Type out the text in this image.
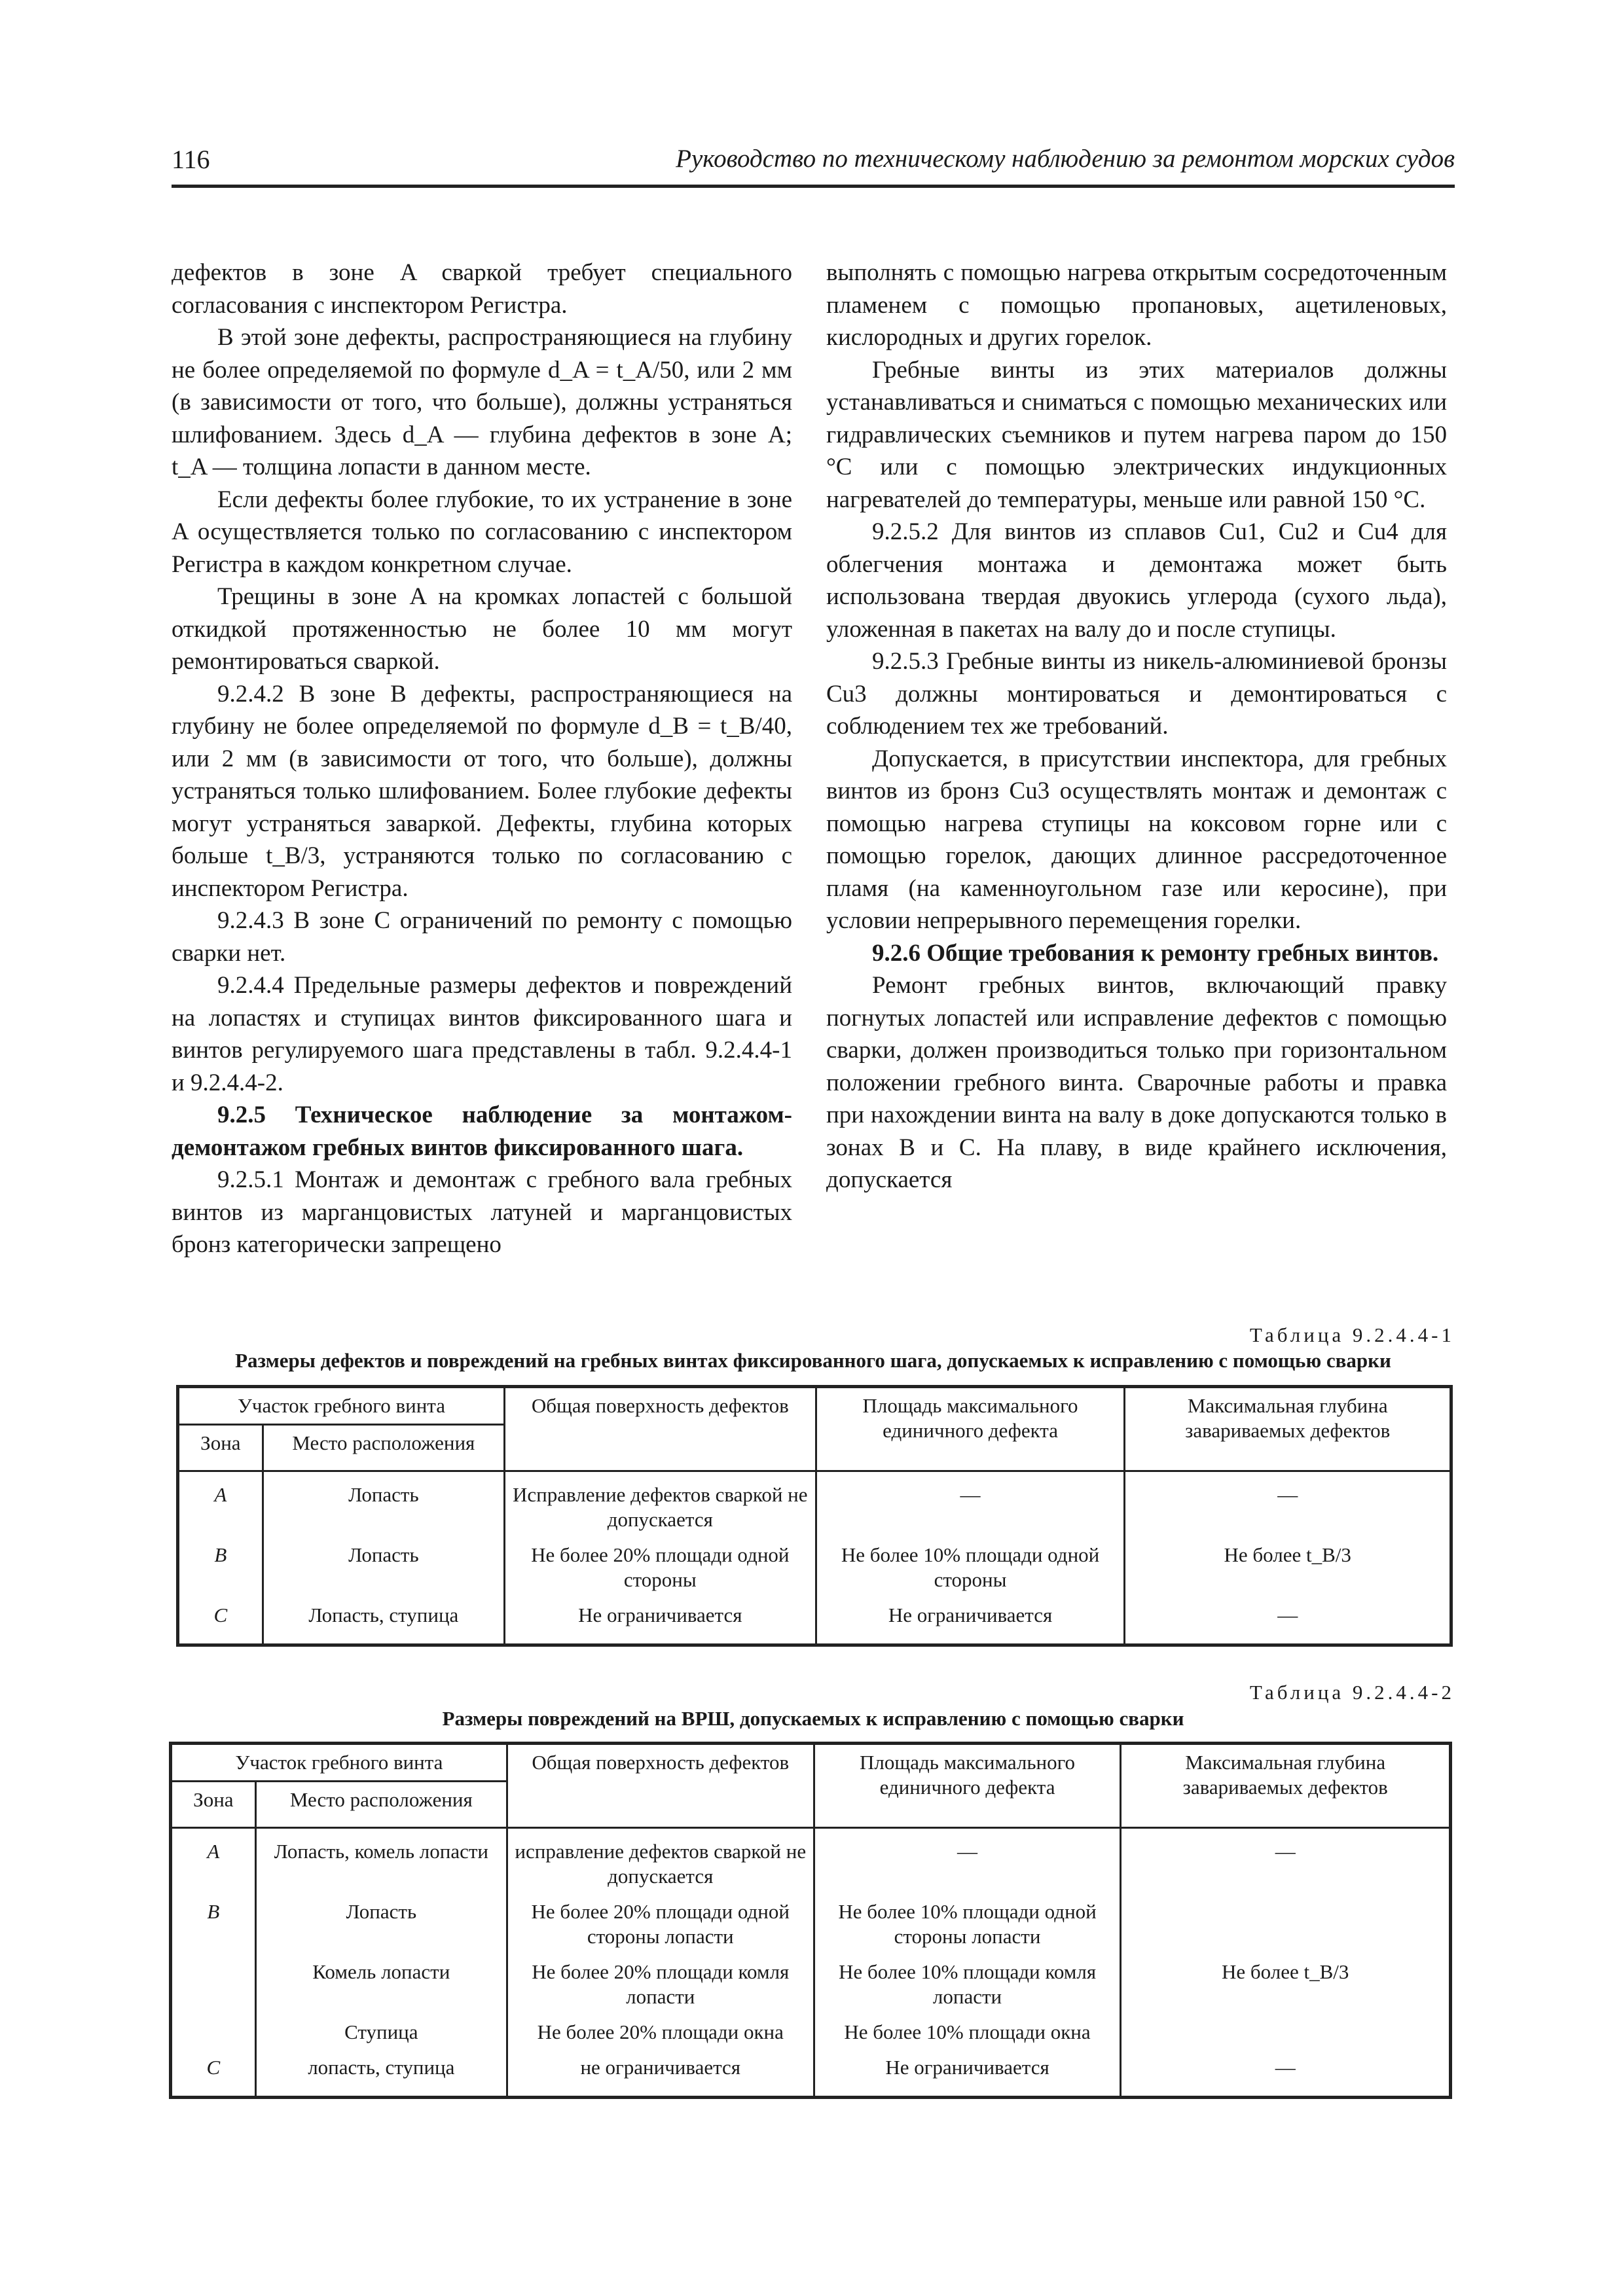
116	Руководство по техническому наблюдению за ремонтом морских судов

дефектов в зоне A сваркой требует специального согласования с инспектором Регистра.

В этой зоне дефекты, распространяющиеся на глубину не более определяемой по формуле d_A = t_A/50, или 2 мм (в зависимости от того, что больше), должны устраняться шлифованием. Здесь d_A — глубина дефектов в зоне A; t_A — толщина лопасти в данном месте.

Если дефекты более глубокие, то их устранение в зоне A осуществляется только по согласованию с инспектором Регистра в каждом конкретном случае.

Трещины в зоне A на кромках лопастей с большой откидкой протяженностью не более 10 мм могут ремонтироваться сваркой.

9.2.4.2 В зоне B дефекты, распространяющиеся на глубину не более определяемой по формуле d_B = t_B/40, или 2 мм (в зависимости от того, что больше), должны устраняться только шлифованием. Более глубокие дефекты могут устраняться заваркой. Дефекты, глубина которых больше t_B/3, устраняются только по согласованию с инспектором Регистра.

9.2.4.3 В зоне C ограничений по ремонту с помощью сварки нет.

9.2.4.4 Предельные размеры дефектов и повреждений на лопастях и ступицах винтов фиксированного шага и винтов регулируемого шага представлены в табл. 9.2.4.4-1 и 9.2.4.4-2.

9.2.5 Техническое наблюдение за монтажом-демонтажом гребных винтов фиксированного шага.

9.2.5.1 Монтаж и демонтаж с гребного вала гребных винтов из марганцовистых латуней и марганцовистых бронз категорически запрещено

выполнять с помощью нагрева открытым сосредоточенным пламенем с помощью пропановых, ацетиленовых, кислородных и других горелок.

Гребные винты из этих материалов должны устанавливаться и сниматься с помощью механических или гидравлических съемников и путем нагрева паром до 150 °C или с помощью электрических индукционных нагревателей до температуры, меньше или равной 150 °C.

9.2.5.2 Для винтов из сплавов Cu1, Cu2 и Cu4 для облегчения монтажа и демонтажа может быть использована твердая двуокись углерода (сухого льда), уложенная в пакетах на валу до и после ступицы.

9.2.5.3 Гребные винты из никель-алюминиевой бронзы Cu3 должны монтироваться и демонтироваться с соблюдением тех же требований.

Допускается, в присутствии инспектора, для гребных винтов из бронз Cu3 осуществлять монтаж и демонтаж с помощью нагрева ступицы на коксовом горне или с помощью горелок, дающих длинное рассредоточенное пламя (на каменноугольном газе или керосине), при условии непрерывного перемещения горелки.

9.2.6 Общие требования к ремонту гребных винтов.

Ремонт гребных винтов, включающий правку погнутых лопастей или исправление дефектов с помощью сварки, должен производиться только при горизонтальном положении гребного винта. Сварочные работы и правка при нахождении винта на валу в доке допускаются только в зонах B и C. На плаву, в виде крайнего исключения, допускается

Таблица 9.2.4.4-1
Размеры дефектов и повреждений на гребных винтах фиксированного шага, допускаемых к исправлению с помощью сварки
Участок гребного винта		Общая поверхность дефектов	Площадь максимального единичного дефекта	Максимальная глубина завариваемых дефектов
Зона	Место расположения			
A	Лопасть	Исправление дефектов сваркой не допускается	—	—
B	Лопасть	Не более 20% площади одной стороны	Не более 10% площади одной стороны	Не более t_B/3
C	Лопасть, ступица	Не ограничивается	Не ограничивается	—
Таблица 9.2.4.4-2
Размеры повреждений на ВРШ, допускаемых к исправлению с помощью сварки
Участок гребного винта		Общая поверхность дефектов	Площадь максимального единичного дефекта	Максимальная глубина завариваемых дефектов
Зона	Место расположения			
A	Лопасть, комель лопасти	исправление дефектов сваркой не допускается	—	—
B	Лопасть	Не более 20% площади одной стороны лопасти	Не более 10% площади одной стороны лопасти	
	Комель лопасти	Не более 20% площади комля лопасти	Не более 10% площади комля лопасти	Не более t_B/3
	Ступица	Не более 20% площади окна	Не более 10% площади окна	
C	лопасть, ступица	не ограничивается	Не ограничивается	—
